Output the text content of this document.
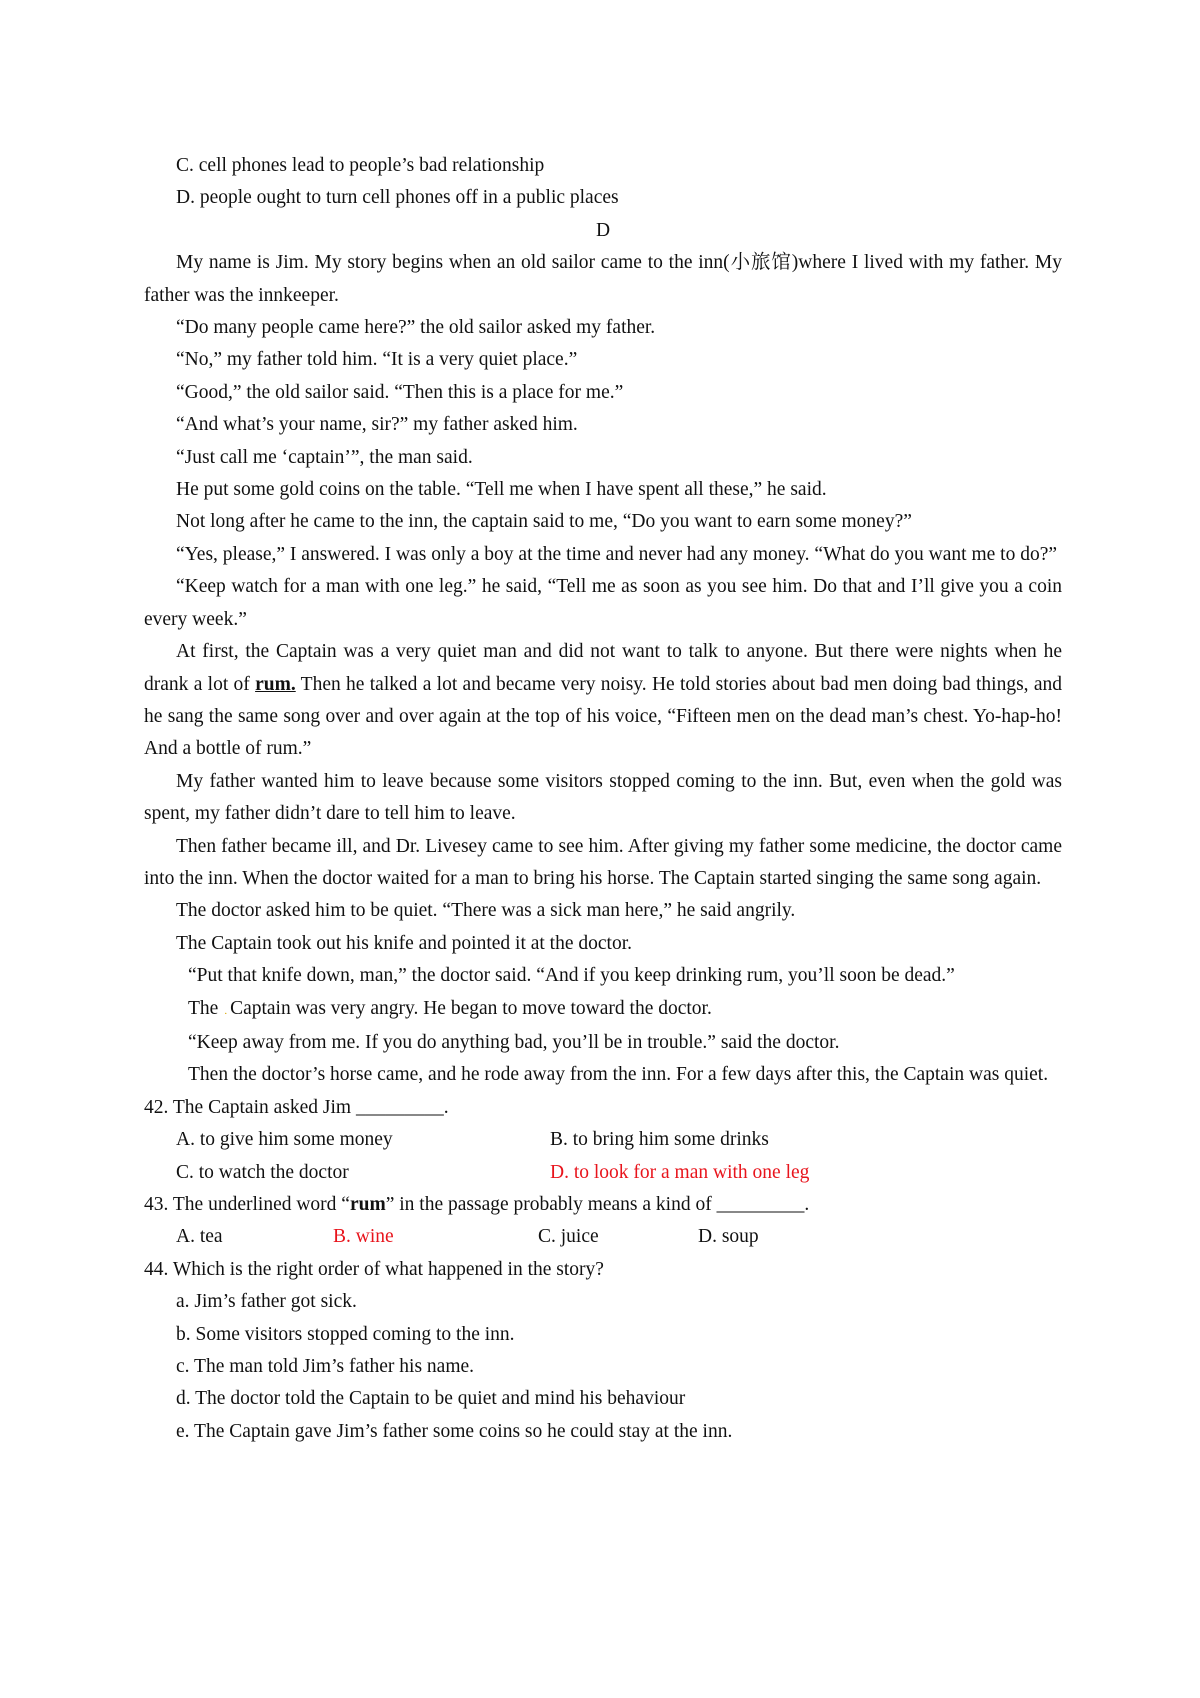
C. cell phones lead to people’s bad relationship

D. people ought to turn cell phones off in a public places

D

My name is Jim. My story begins when an old sailor came to the inn(小旅馆)where I lived with my father. My father was the innkeeper.

“Do many people came here?” the old sailor asked my father.

“No,” my father told him. “It is a very quiet place.”

“Good,” the old sailor said. “Then this is a place for me.”

“And what’s your name, sir?” my father asked him.

“Just call me ‘captain’”, the man said.

He put some gold coins on the table. “Tell me when I have spent all these,” he said.

Not long after he came to the inn, the captain said to me, “Do you want to earn some money?”

“Yes, please,” I answered. I was only a boy at the time and never had any money. “What do you want me to do?”

“Keep watch for a man with one leg.” he said, “Tell me as soon as you see him. Do that and I’ll give you a coin every week.”

At first, the Captain was a very quiet man and did not want to talk to anyone. But there were nights when he drank a lot of rum. Then he talked a lot and became very noisy. He told stories about bad men doing bad things, and he sang the same song over and over again at the top of his voice, “Fifteen men on the dead man’s chest. Yo-hap-ho! And a bottle of rum.”

My father wanted him to leave because some visitors stopped coming to the inn. But, even when the gold was spent, my father didn’t dare to tell him to leave.

Then father became ill, and Dr. Livesey came to see him. After giving my father some medicine, the doctor came into the inn. When the doctor waited for a man to bring his horse. The Captain started singing the same song again.

The doctor asked him to be quiet. “There was a sick man here,” he said angrily.

The Captain took out his knife and pointed it at the doctor.

“Put that knife down, man,” the doctor said. “And if you keep drinking rum, you’ll soon be dead.”

The . Captain was very angry. He began to move toward the doctor.

“Keep away from me. If you do anything bad, you’ll be in trouble.” said the doctor.

Then the doctor’s horse came, and he rode away from the inn. For a few days after this, the Captain was quiet.

42. The Captain asked Jim _________.

A. to give him some money	B. to bring him some drinks
C. to watch the doctor	D. to look for a man with one leg

43. The underlined word “rum” in the passage probably means a kind of _________.

A. tea	B. wine	C. juice	D. soup

44. Which is the right order of what happened in the story?

a. Jim’s father got sick.

b. Some visitors stopped coming to the inn.

c. The man told Jim’s father his name.

d. The doctor told the Captain to be quiet and mind his behaviour

e. The Captain gave Jim’s father some coins so he could stay at the inn.
